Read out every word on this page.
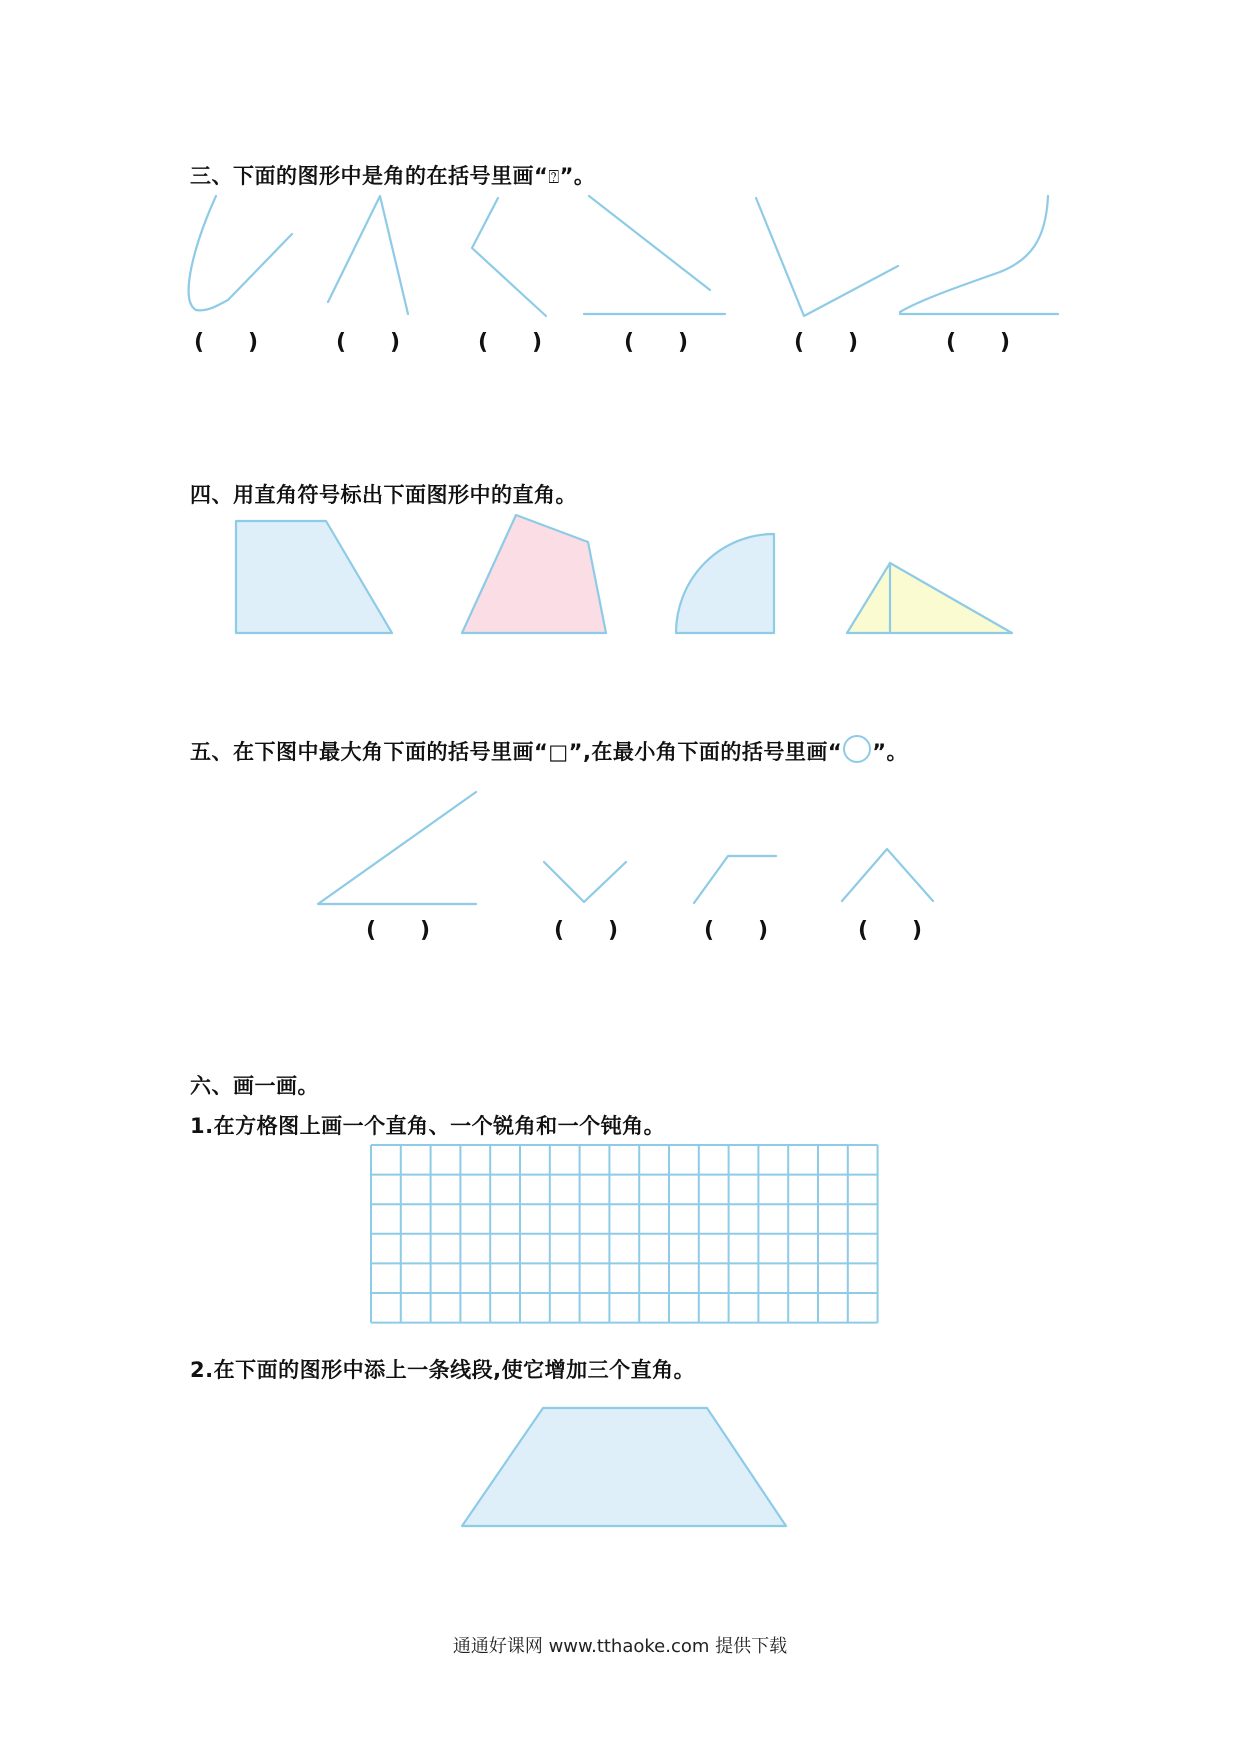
三、下面的图形中是角的在括号里画“⍰”。
(　　)	(　　)	(　　)	(　　)	(　　)	(　　)
四、用直角符号标出下面图形中的直角。
五、在下图中最大角下面的括号里画“□”,在最小角下面的括号里画“ ”。
(　　)	(　　)	(　　)	(　　)
六、画一画。
1.在方格图上画一个直角、一个锐角和一个钝角。
2.在下面的图形中添上一条线段,使它增加三个直角。
通通好课网 www.tthaoke.com 提供下载
